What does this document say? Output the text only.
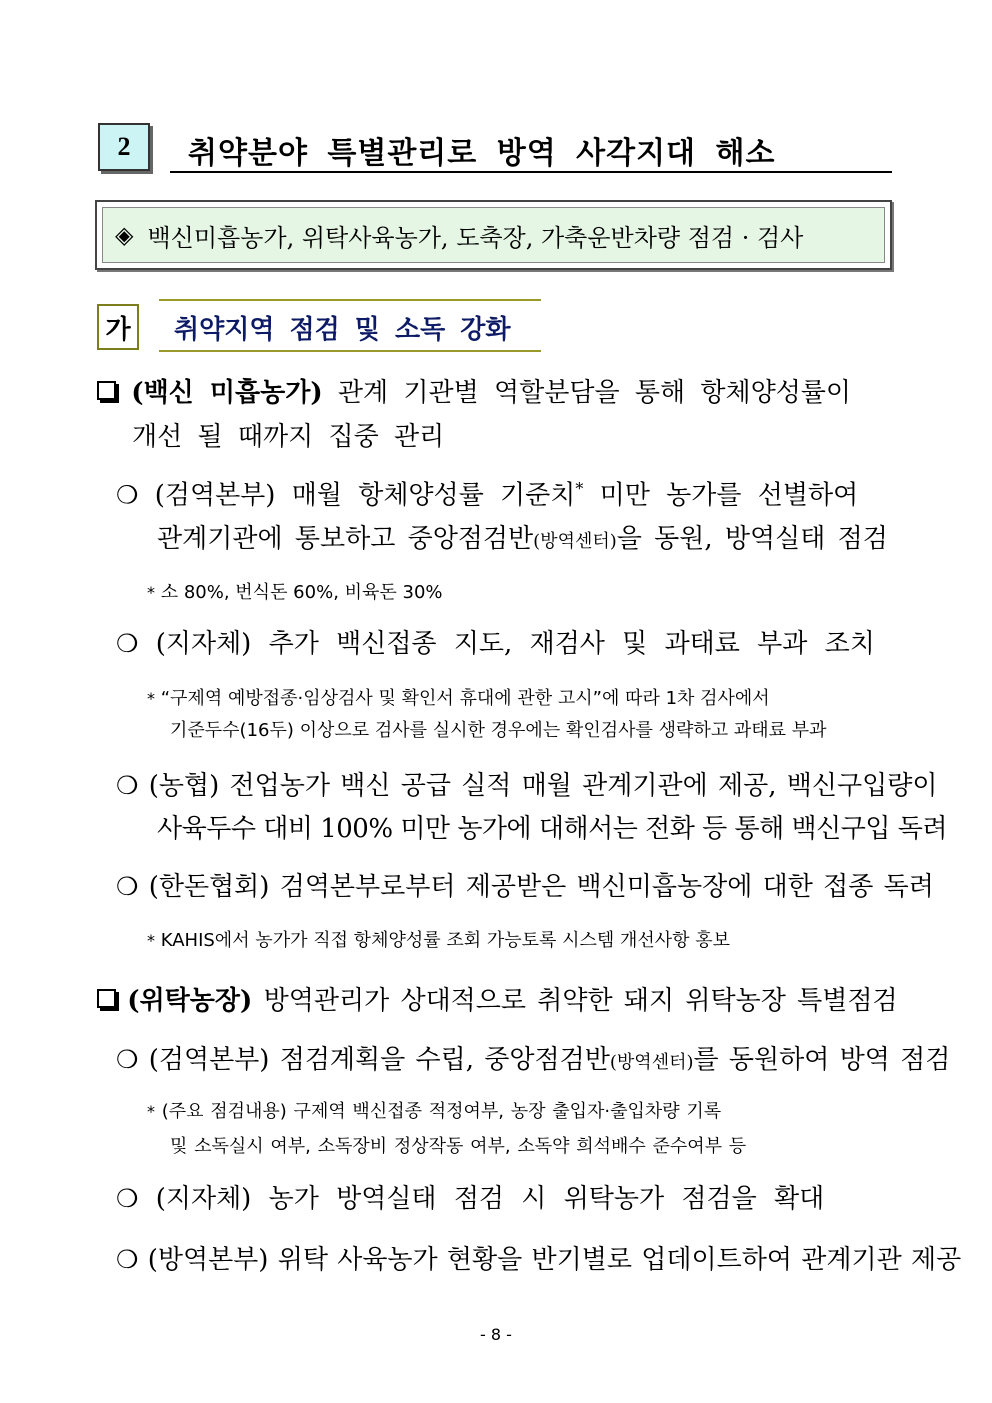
2	취약분야 특별관리로 방역 사각지대 해소
◈ 백신미흡농가, 위탁사육농가, 도축장, 가축운반차량 점검 · 검사
가	취약지역 점검 및 소독 강화
(백신 미흡농가) 관계 기관별 역할분담을 통해 항체양성률이
개선 될 때까지 집중 관리
❍ (검역본부) 매월 항체양성률 기준치* 미만 농가를 선별하여
관계기관에 통보하고 중앙점검반(방역센터)을 동원, 방역실태 점검
* 소 80%, 번식돈 60%, 비육돈 30%
❍ (지자체) 추가 백신접종 지도, 재검사 및 과태료 부과 조치
* “구제역 예방접종·임상검사 및 확인서 휴대에 관한 고시”에 따라 1차 검사에서
기준두수(16두) 이상으로 검사를 실시한 경우에는 확인검사를 생략하고 과태료 부과
❍ (농협) 전업농가 백신 공급 실적 매월 관계기관에 제공, 백신구입량이
사육두수 대비 100% 미만 농가에 대해서는 전화 등 통해 백신구입 독려
❍ (한돈협회) 검역본부로부터 제공받은 백신미흡농장에 대한 접종 독려
* KAHIS에서 농가가 직접 항체양성률 조회 가능토록 시스템 개선사항 홍보
(위탁농장) 방역관리가 상대적으로 취약한 돼지 위탁농장 특별점검
❍ (검역본부) 점검계획을 수립, 중앙점검반(방역센터)를 동원하여 방역 점검
* (주요 점검내용) 구제역 백신접종 적정여부, 농장 출입자·출입차량 기록
및 소독실시 여부, 소독장비 정상작동 여부, 소독약 희석배수 준수여부 등
❍ (지자체) 농가 방역실태 점검 시 위탁농가 점검을 확대
❍ (방역본부) 위탁 사육농가 현황을 반기별로 업데이트하여 관계기관 제공
- 8 -
